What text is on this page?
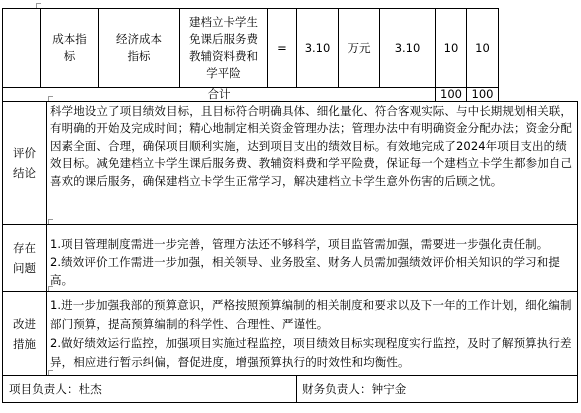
成本指标
经济成本指标
建档立卡学生免课后服务费教辅资料费和学平险
= 3.10 万元 3.10 10 10
合计	100 100
评价结论
科学地设立了项目绩效目标，且目标符合明确具体、细化量化、符合客观实际、与中长期规划相关联，有明确的开始及完成时间；精心地制定相关资金管理办法；管理办法中有明确资金分配办法；资金分配因素全面、合理，确保项目顺利实施，达到项目支出的绩效目标。有效地完成了2024年项目支出的绩效目标。减免建档立卡学生课后服务费、教辅资料费和学平险费，保证每一个建档立卡学生都参加自己喜欢的课后服务，确保建档立卡学生正常学习，解决建档立卡学生意外伤害的后顾之忧。
存在问题
1.项目管理制度需进一步完善，管理方法还不够科学，项目监管需加强，需要进一步强化责任制。
2.绩效评价工作需进一步加强，相关领导、业务股室、财务人员需加强绩效评价相关知识的学习和提高。
改进措施
1.进一步加强我部的预算意识，严格按照预算编制的相关制度和要求以及下一年的工作计划，细化编制部门预算，提高预算编制的科学性、合理性、严谨性。
2.做好绩效运行监控，加强项目实施过程监控，项目绩效目标实现程度实行监控，及时了解预算执行差异，相应进行暂示纠偏，督促进度，增强预算执行的时效性和均衡性。
项目负责人：杜杰	财务负责人：钟宁金
